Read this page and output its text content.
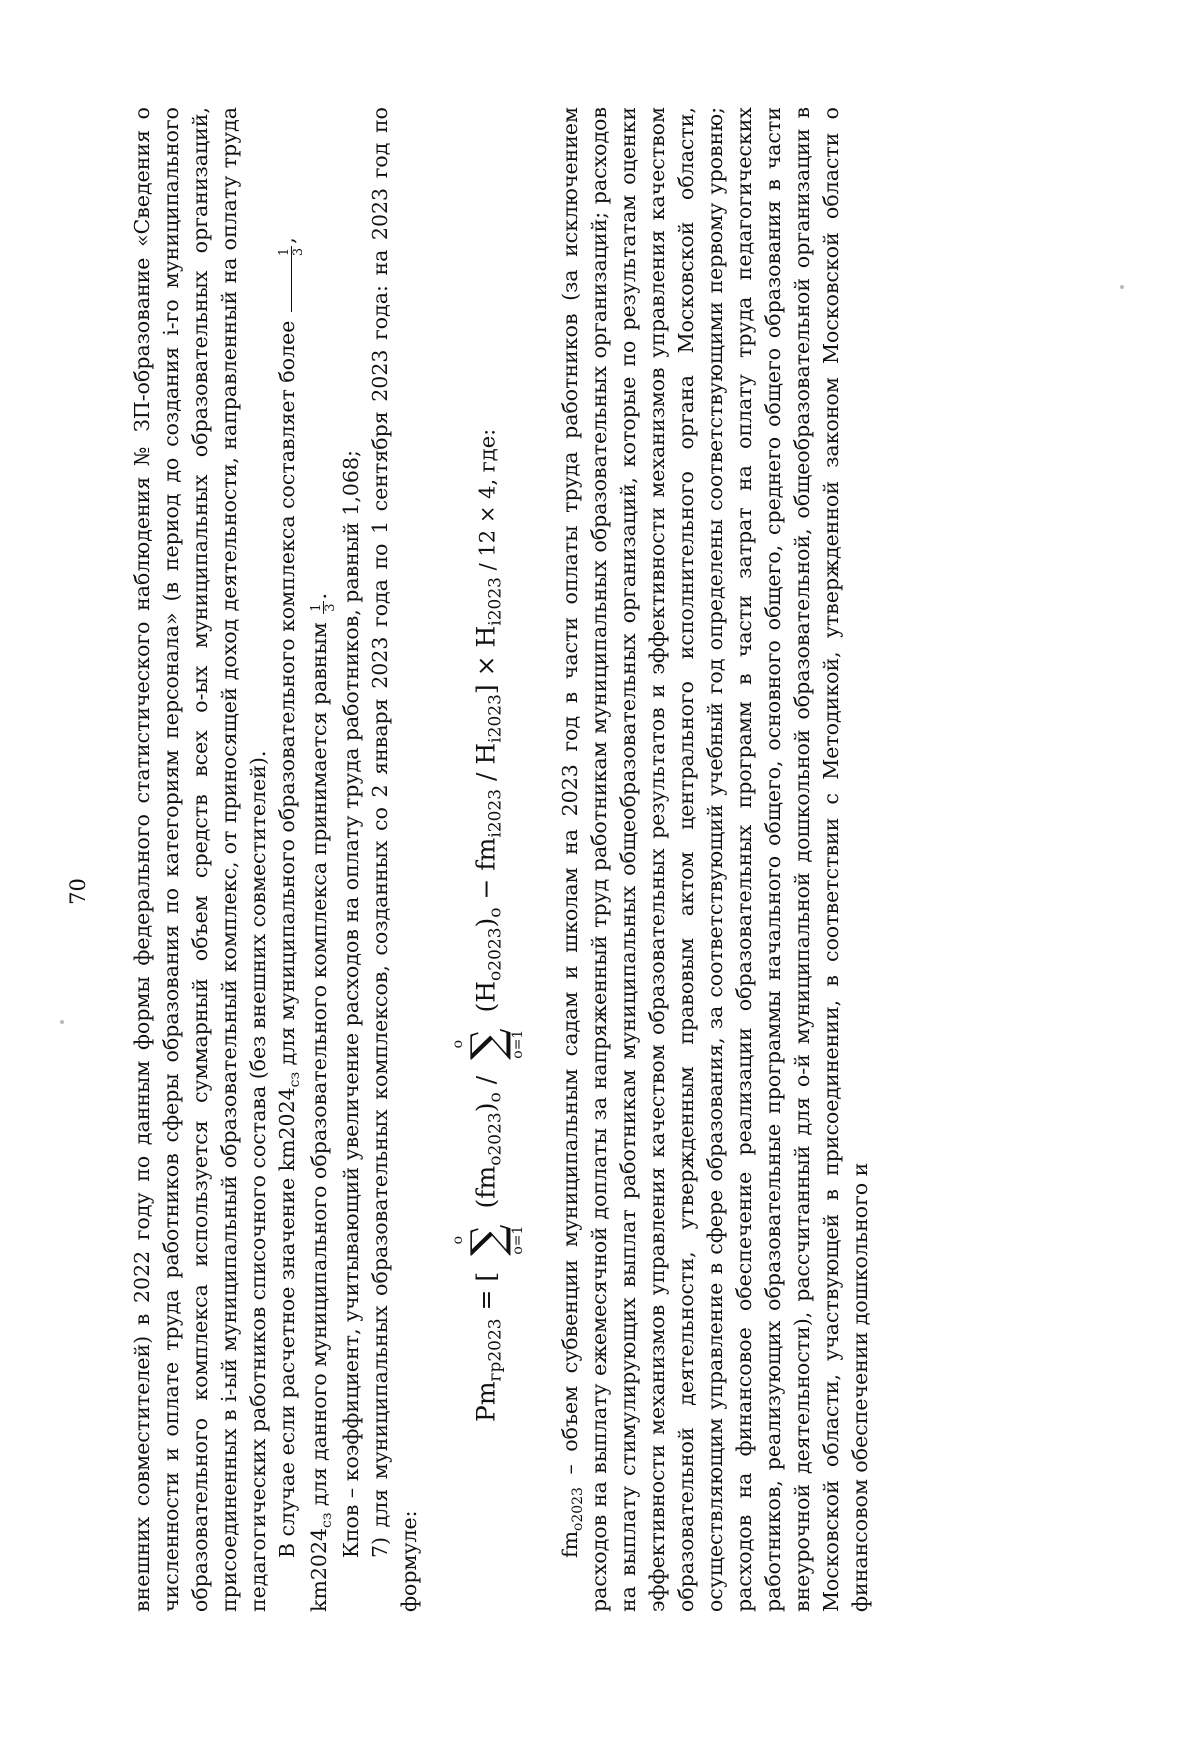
70 внешних совместителей) в 2022 году по данным формы федерального статистического наблюдения № ЗП-образование «Сведения о численности и оплате труда работников сферы образования по категориям персонала» (в период до создания i-го муниципального образовательного комплекса используется суммарный объем средств всех о-ых муниципальных образовательных организаций, присоединенных в i-ый муниципальный образовательный комплекс, от приносящей доход деятельности, направленный на оплату труда педагогических работников списочного состава (без внешних совместителей). В случае если расчетное значение $km2024_{сз}$ для муниципального образовательного комплекса составляет более
1 3
,

$km2024_{сз}$ для данного муниципального образовательного комплекса принимается равным
1 3
. Кпов – коэффициент, учитывающий увеличение расходов на оплату труда работников, равный 1,068; 7) для муниципальных образовательных комплексов, созданных со 2 января 2023 года по 1 сентября 2023 года: на 2023 год по формуле:

$Pm_{гр2023}$ = [
о
∑
о=1
$(fm_{о2023})_о$ /
о
∑
о=1
$(Н_{о2023})_о - fm_{i2023} / Н_{i2023}] \times Н_{i2023} / 12 \times 4$, где:

$fm_{о2023}$ – объем субвенции муниципальным садам и школам на 2023 год в части оплаты труда работников (за исключением расходов на выплату ежемесячной доплаты за напряженный труд работникам муниципальных образовательных организаций; расходов на выплату стимулирующих выплат работникам муниципальных общеобразовательных организаций, которые по результатам оценки эффективности механизмов управления качеством образовательных результатов и эффективности механизмов управления качеством образовательной деятельности, утвержденным правовым актом центрального исполнительного органа Московской области, осуществляющим управление в сфере образования, за соответствующий учебный год определены соответствующими первому уровню; расходов на финансовое обеспечение реализации образовательных программ в части затрат на оплату труда педагогических работников, реализующих образовательные программы начального общего, основного общего, среднего общего образования в части внеурочной деятельности), рассчитанный для о-й муниципальной дошкольной образовательной, общеобразовательной организации в Московской области, участвующей в присоединении, в соответствии с Методикой, утвержденной законом Московской области о финансовом обеспечении дошкольного и
